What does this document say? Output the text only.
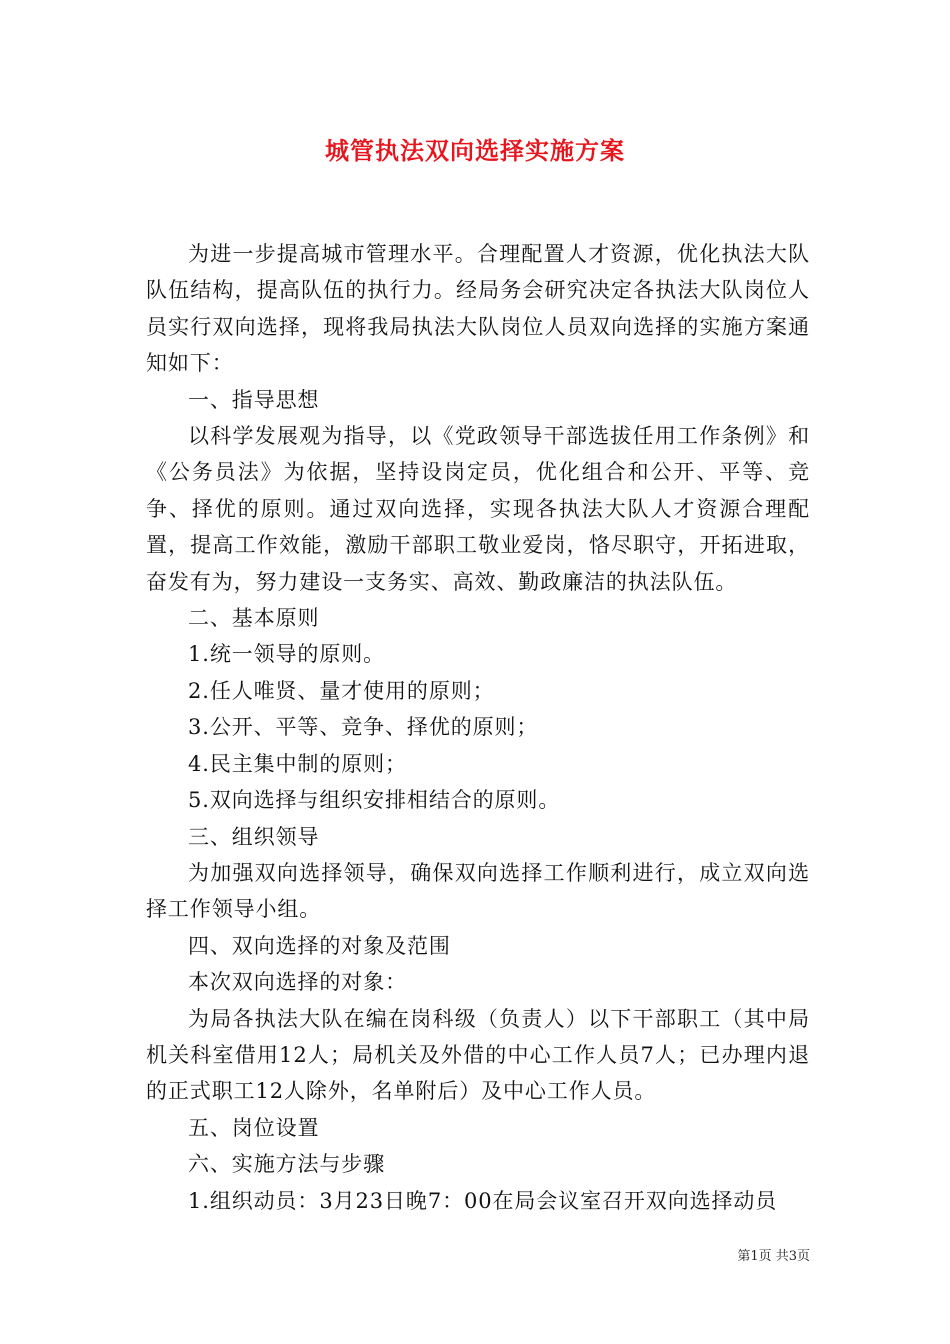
城管执法双向选择实施方案

为进一步提高城市管理水平。合理配置人才资源，优化执法大队队伍结构，提高队伍的执行力。经局务会研究决定各执法大队岗位人员实行双向选择，现将我局执法大队岗位人员双向选择的实施方案通知如下：

一、指导思想

以科学发展观为指导，以《党政领导干部选拔任用工作条例》和《公务员法》为依据，坚持设岗定员，优化组合和公开、平等、竞争、择优的原则。通过双向选择，实现各执法大队人才资源合理配置，提高工作效能，激励干部职工敬业爱岗，恪尽职守，开拓进取，奋发有为，努力建设一支务实、高效、勤政廉洁的执法队伍。

二、基本原则

1.统一领导的原则。

2.任人唯贤、量才使用的原则；

3.公开、平等、竞争、择优的原则；

4.民主集中制的原则；

5.双向选择与组织安排相结合的原则。

三、组织领导

为加强双向选择领导，确保双向选择工作顺利进行，成立双向选择工作领导小组。

四、双向选择的对象及范围

本次双向选择的对象：

为局各执法大队在编在岗科级（负责人）以下干部职工（其中局机关科室借用12人；局机关及外借的中心工作人员7人；已办理内退的正式职工12人除外，名单附后）及中心工作人员。

五、岗位设置

六、实施方法与步骤

1.组织动员：3月23日晚7：00在局会议室召开双向选择动员

第1页 共3页
